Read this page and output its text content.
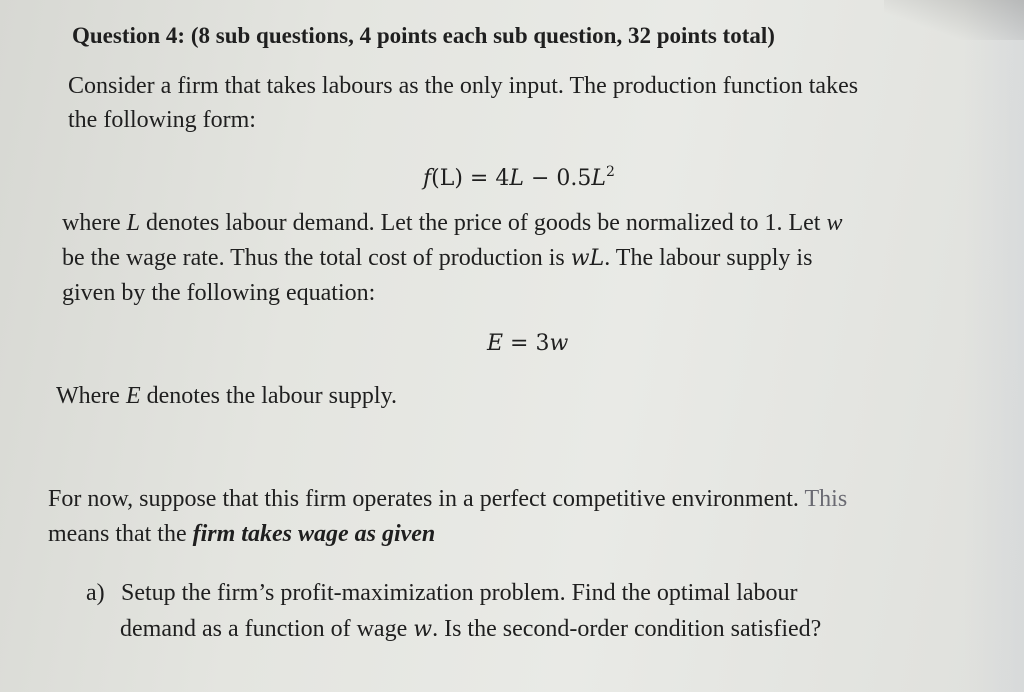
Question 4: (8 sub questions, 4 points each sub question, 32 points total)
Consider a firm that takes labours as the only input. The production function takes
the following form:
$f(L) = 4L - 0.5L^2$
where L denotes labour demand. Let the price of goods be normalized to 1. Let w
be the wage rate. Thus the total cost of production is wL. The labour supply is
given by the following equation:
E = 3w
Where E denotes the labour supply.
For now, suppose that this firm operates in a perfect competitive environment. This
means that the firm takes wage as given
a) Setup the firm’s profit-maximization problem. Find the optimal labour
demand as a function of wage w. Is the second-order condition satisfied?
